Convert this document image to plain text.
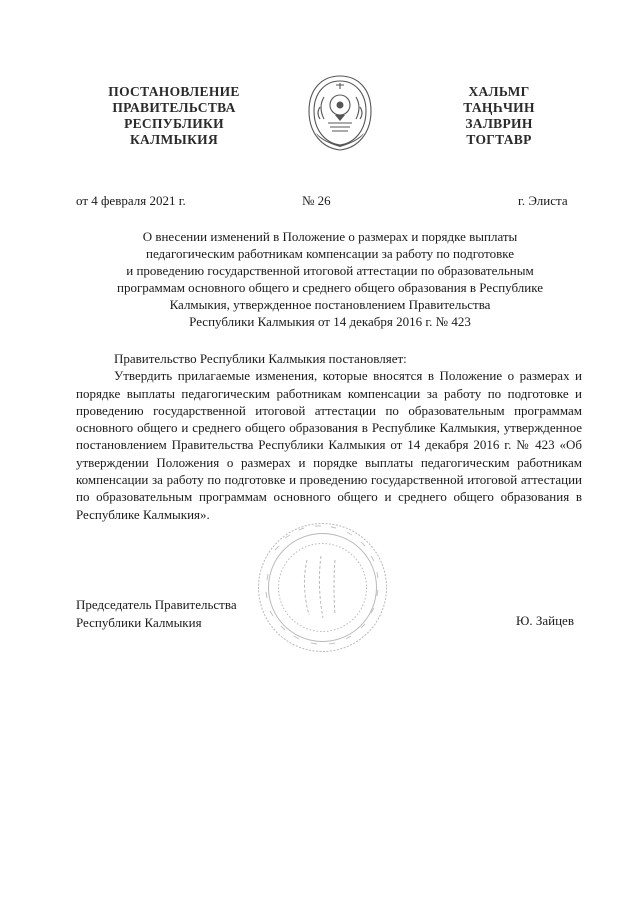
ПОСТАНОВЛЕНИЕ
ПРАВИТЕЛЬСТВА
РЕСПУБЛИКИ
КАЛМЫКИЯ
ХАЛЬМГ
ТАҢҺЧИН
ЗАЛВРИН
ТОГТАВР
от 4 февраля 2021 г.	№ 26	г. Элиста
О внесении изменений в Положение о размерах и порядке выплаты
педагогическим работникам компенсации за работу по подготовке
и проведению государственной итоговой аттестации по образовательным
программам основного общего и среднего общего образования в Республике
Калмыкия, утвержденное постановлением Правительства
Республики Калмыкия от 14 декабря 2016 г. № 423

Правительство Республики Калмыкия постановляет:

Утвердить прилагаемые изменения, которые вносятся в Положение о размерах и порядке выплаты педагогическим работникам компенсации за работу по подготовке и проведению государственной итоговой аттестации по образовательным программам основного общего и среднего общего образования в Республике Калмыкия, утвержденное постановлением Правительства Республики Калмыкия от 14 декабря 2016 г. № 423 «Об утверждении Положения о размерах и порядке выплаты педагогическим работникам компенсации за работу по подготовке и проведению государственной итоговой аттестации по образовательным программам основного общего и среднего общего образования в Республике Калмыкия».

Председатель Правительства
Республики Калмыкия	Ю. Зайцев
